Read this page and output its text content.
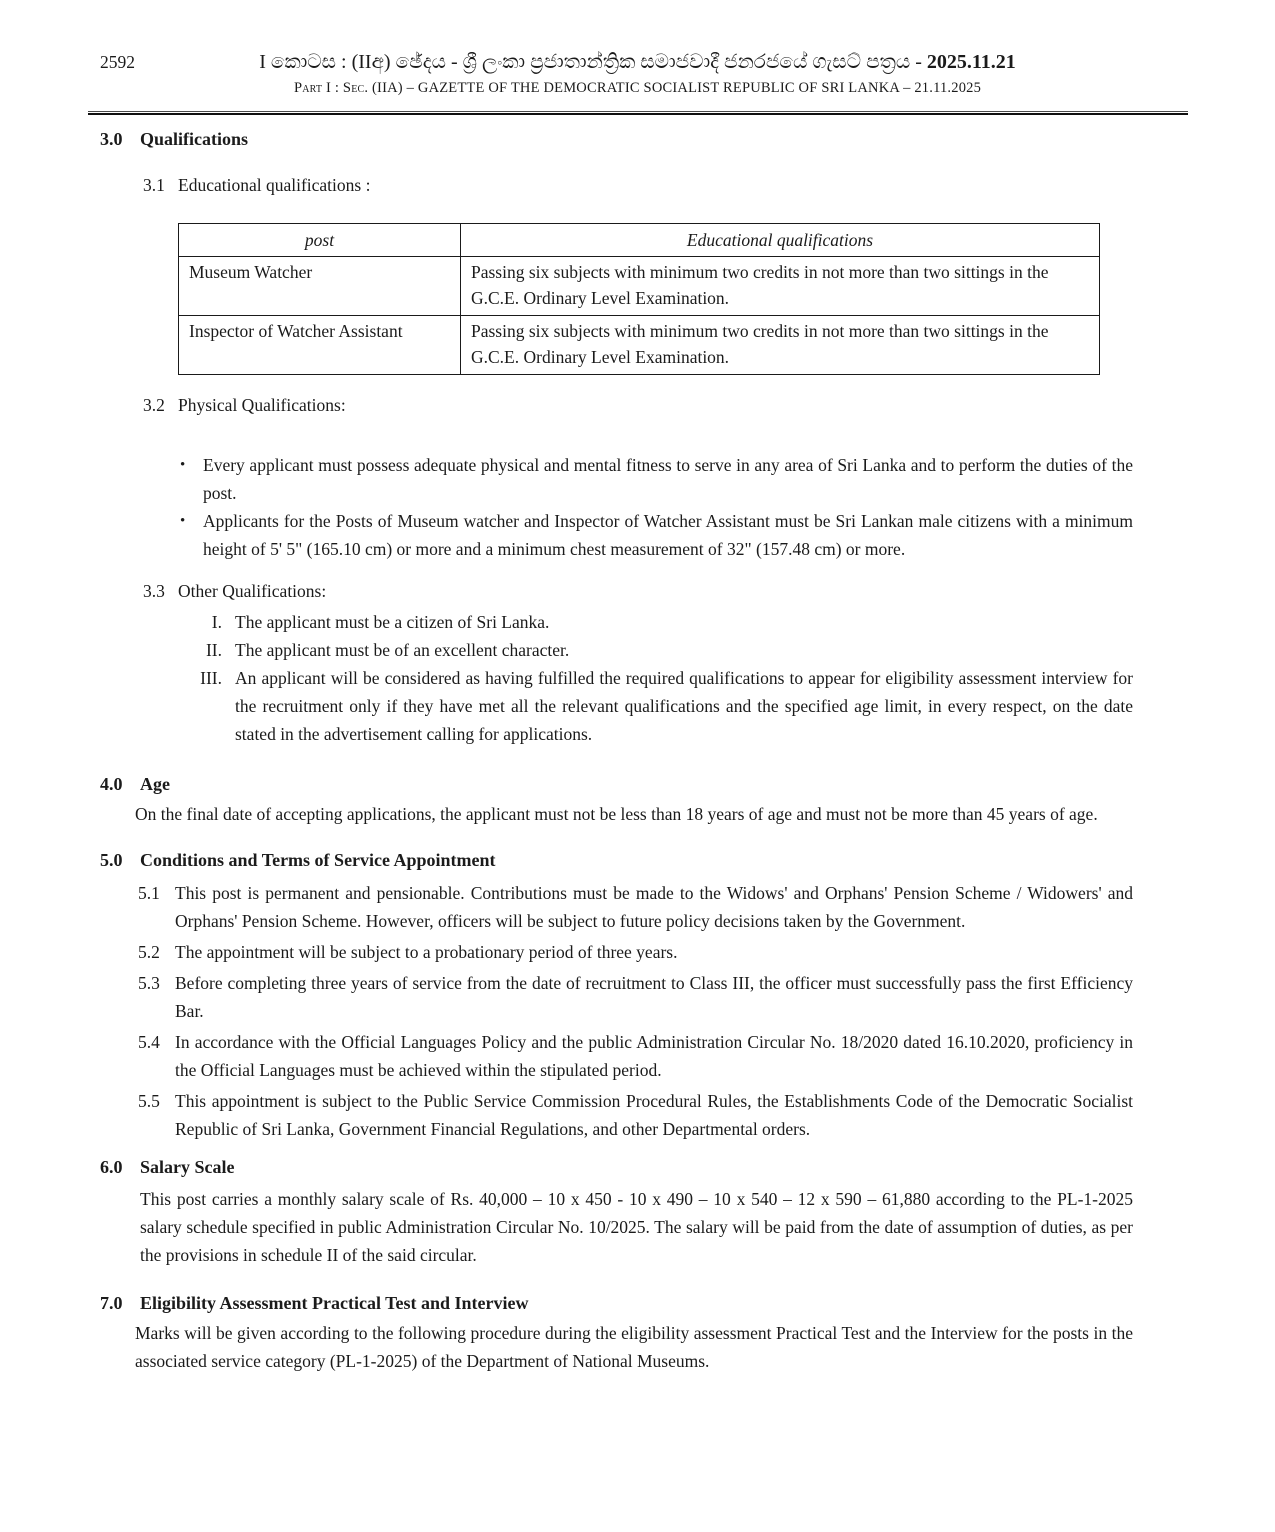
2592	I කොටස : (IIඅ) ඡේදය - ශ්‍රී ලංකා ප්‍රජාතාන්ත්‍රික සමාජවාදී ජනරජයේ ගැසට් පත්‍රය - 2025.11.21
Part I : Sec. (IIA) – GAZETTE OF THE DEMOCRATIC SOCIALIST REPUBLIC OF SRI LANKA – 21.11.2025
3.0 Qualifications
3.1 Educational qualifications :
post	Educational qualifications
Museum Watcher	Passing six subjects with minimum two credits in not more than two sittings in the G.C.E. Ordinary Level Examination.
Inspector of Watcher Assistant	Passing six subjects with minimum two credits in not more than two sittings in the G.C.E. Ordinary Level Examination.
3.2 Physical Qualifications:
•	Every applicant must possess adequate physical and mental fitness to serve in any area of Sri Lanka and to perform the duties of the post.

•	Applicants for the Posts of Museum watcher and Inspector of Watcher Assistant must be Sri Lankan male citizens with a minimum height of 5' 5" (165.10 cm) or more and a minimum chest measurement of 32" (157.48 cm) or more.

3.3 Other Qualifications:
I. The applicant must be a citizen of Sri Lanka.

II. The applicant must be of an excellent character.

III. An applicant will be considered as having fulfilled the required qualifications to appear for eligibility assessment interview for the recruitment only if they have met all the relevant qualifications and the specified age limit, in every respect, on the date stated in the advertisement calling for applications.

4.0 Age

On the final date of accepting applications, the applicant must not be less than 18 years of age and must not be more than 45 years of age.

5.0 Conditions and Terms of Service Appointment
5.1 This post is permanent and pensionable. Contributions must be made to the Widows' and Orphans' Pension Scheme / Widowers' and Orphans' Pension Scheme. However, officers will be subject to future policy decisions taken by the Government.

5.2 The appointment will be subject to a probationary period of three years.

5.3 Before completing three years of service from the date of recruitment to Class III, the officer must successfully pass the first Efficiency Bar.

5.4 In accordance with the Official Languages Policy and the public Administration Circular No. 18/2020 dated 16.10.2020, proficiency in the Official Languages must be achieved within the stipulated period.

5.5 This appointment is subject to the Public Service Commission Procedural Rules, the Establishments Code of the Democratic Socialist Republic of Sri Lanka, Government Financial Regulations, and other Departmental orders.

6.0 Salary Scale

This post carries a monthly salary scale of Rs. 40,000 – 10 x 450 - 10 x 490 – 10 x 540 – 12 x 590 – 61,880 according to the PL-1-2025 salary schedule specified in public Administration Circular No. 10/2025. The salary will be paid from the date of assumption of duties, as per the provisions in schedule II of the said circular.

7.0 Eligibility Assessment Practical Test and Interview

Marks will be given according to the following procedure during the eligibility assessment Practical Test and the Interview for the posts in the associated service category (PL-1-2025) of the Department of National Museums.
